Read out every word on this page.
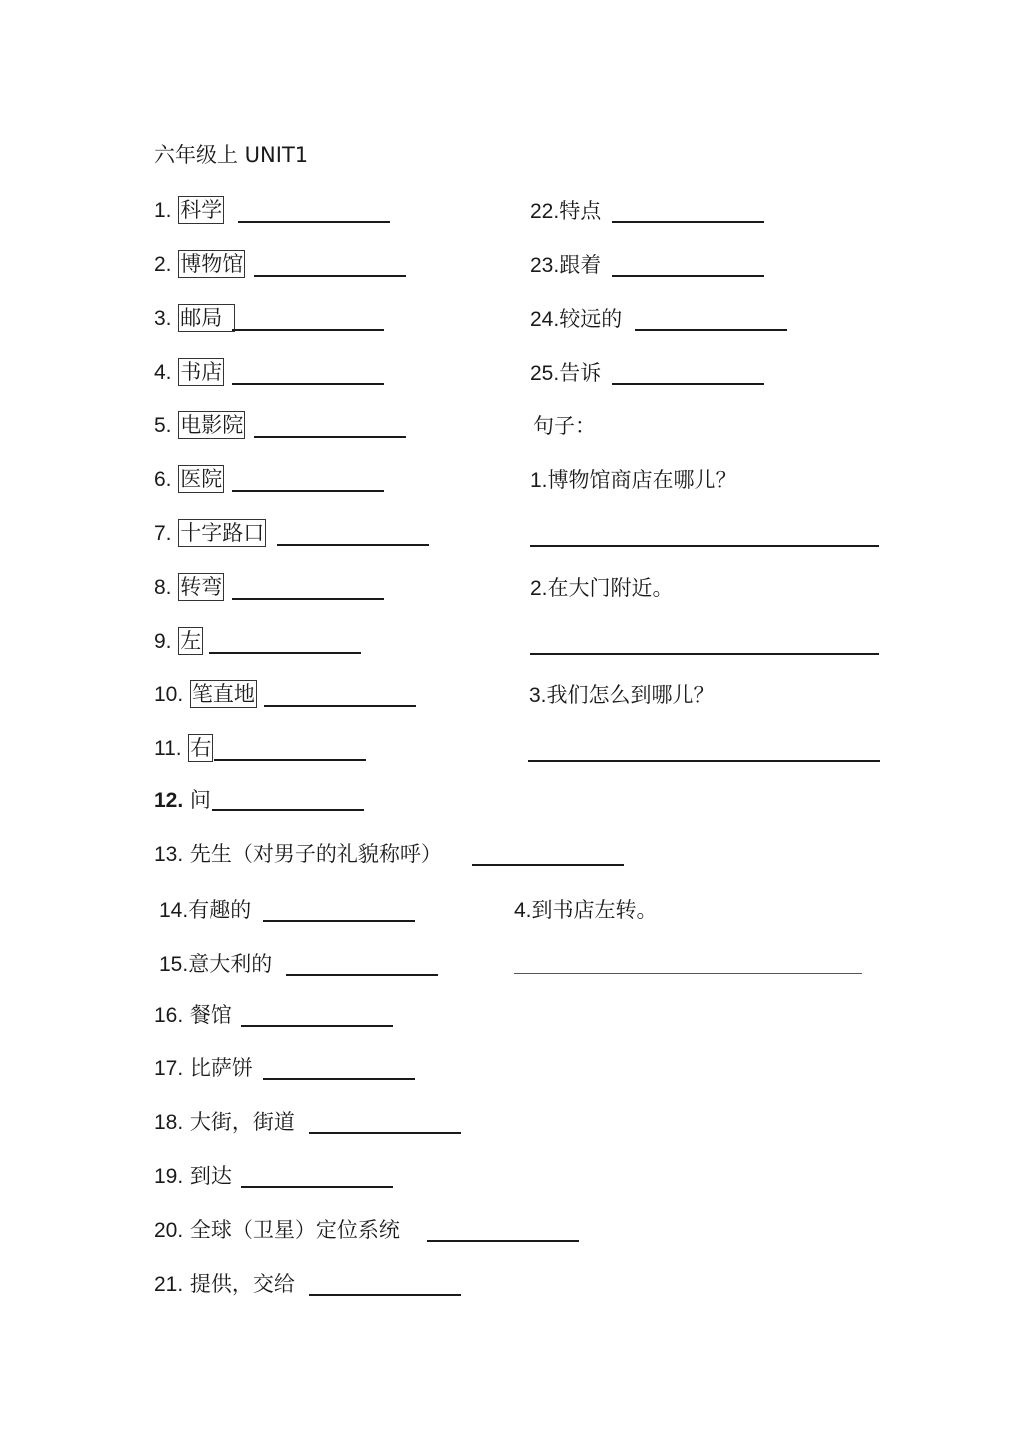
六年级上 UNIT1
1. 科学
2. 博物馆
3. 邮局
4. 书店
5. 电影院
6. 医院
7. 十字路口
8. 转弯
9. 左
10. 笔直地
11. 右
12. 问
13. 先生（对男子的礼貌称呼）
14.有趣的
15.意大利的
16. 餐馆
17. 比萨饼
18. 大街，街道
19. 到达
20. 全球（卫星）定位系统
21. 提供，交给
22.特点
23.跟着
24.较远的
25.告诉
句子：
1.博物馆商店在哪儿？
2.在大门附近。
3.我们怎么到哪儿？
4.到书店左转。
